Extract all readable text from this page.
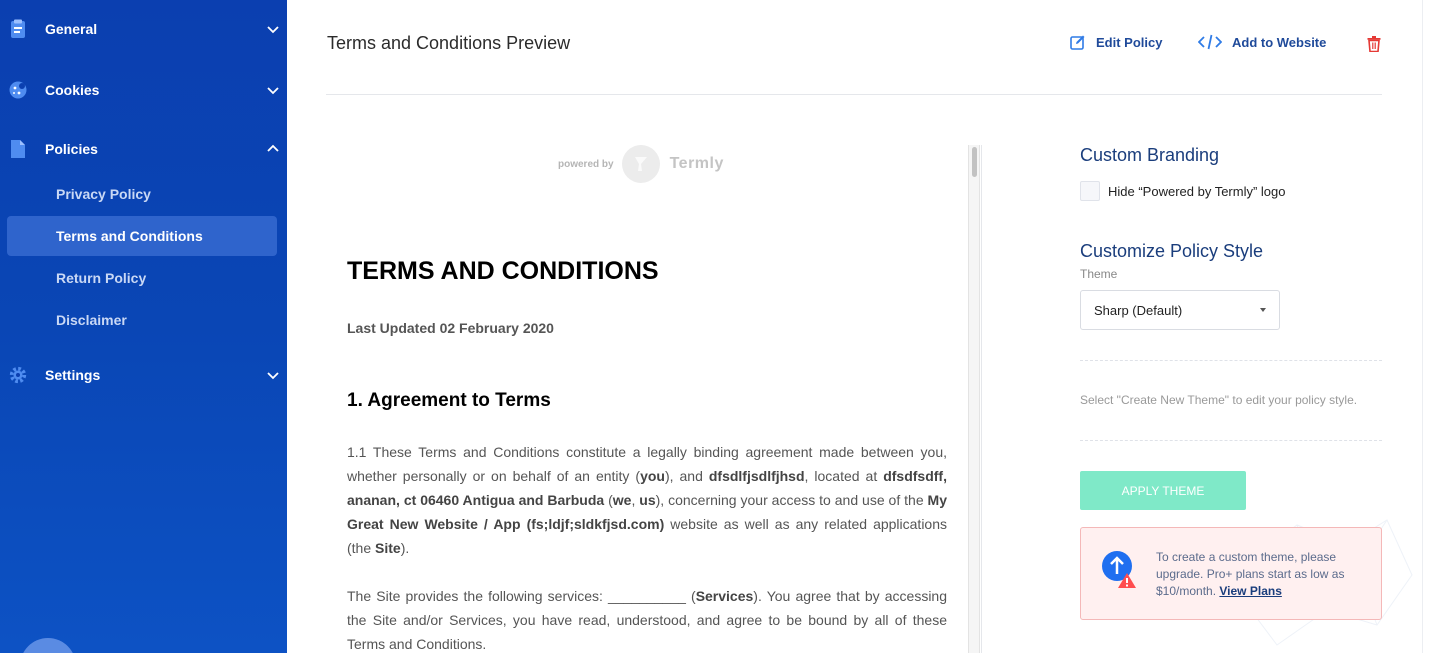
General
Cookies
Policies
Privacy Policy
Terms and Conditions
Return Policy
Disclaimer
Settings
Terms and Conditions Preview	Edit Policy	Add to Website
powered by	Termly
TERMS AND CONDITIONS
Last Updated 02 February 2020
1. Agreement to Terms

1.1 These Terms and Conditions constitute a legally binding agreement made between you, whether personally or on behalf of an entity (you), and dfsdlfjsdlfjhsd, located at dfsdfsdff, ananan, ct 06460 Antigua and Barbuda (we, us), concerning your access to and use of the My Great New Website / App (fs;ldjf;sldkfjsd.com) website as well as any related applications (the Site).

The Site provides the following services: __________ (Services). You agree that by accessing the Site and/or Services, you have read, understood, and agree to be bound by all of these Terms and Conditions.

Custom Branding
Hide “Powered by Termly” logo
Customize Policy Style
Theme
Sharp (Default)
Select "Create New Theme" to edit your policy style.
APPLY THEME
To create a custom theme, please upgrade. Pro+ plans start as low as $10/month. View Plans
